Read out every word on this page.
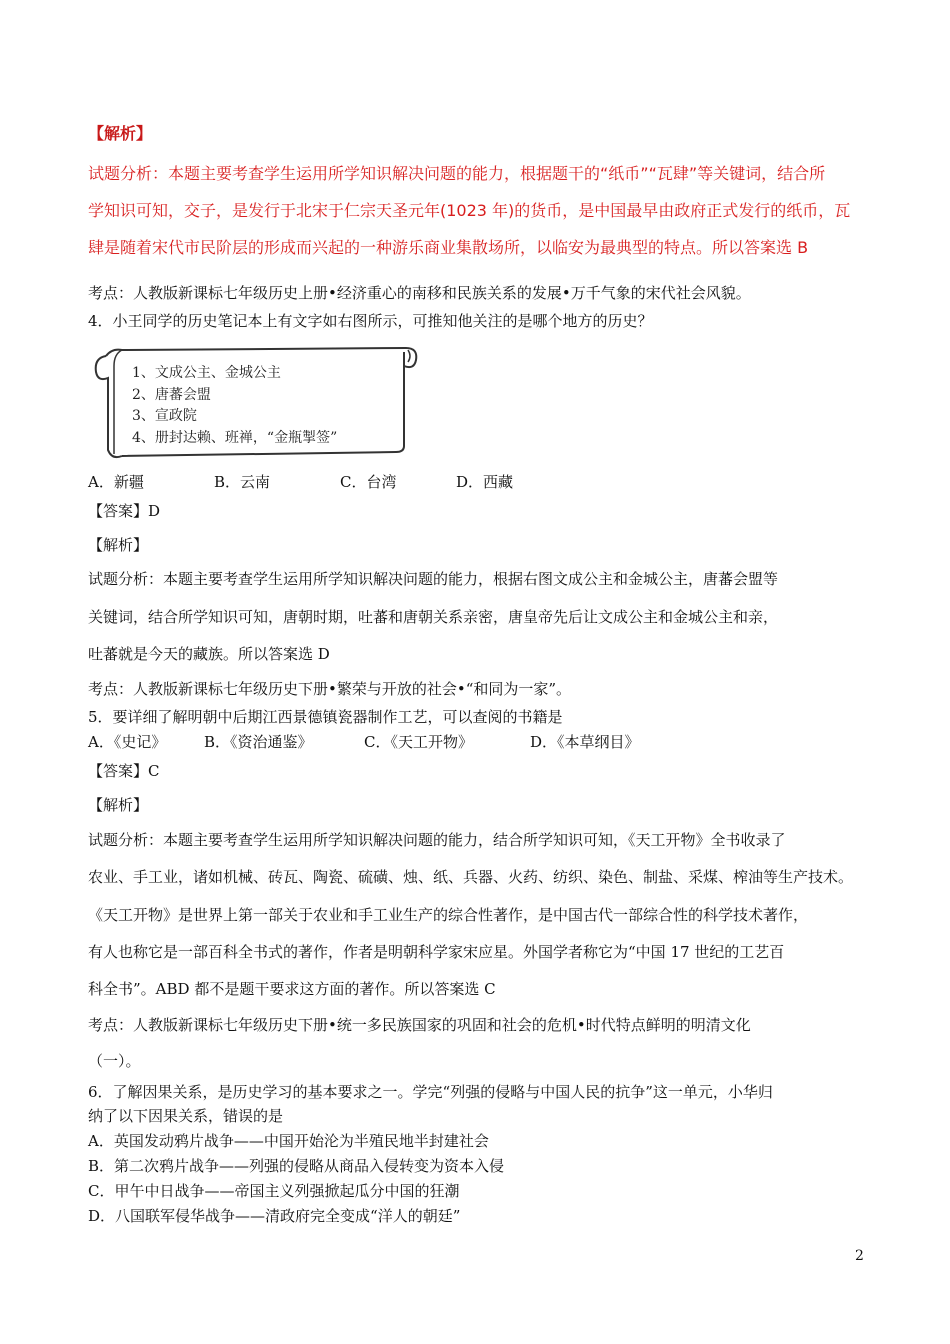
【解析】
试题分析：本题主要考查学生运用所学知识解决问题的能力，根据题干的“纸币”“瓦肆”等关键词，结合所
学知识可知，交子，是发行于北宋于仁宗天圣元年(1023 年)的货币，是中国最早由政府正式发行的纸币，瓦
肆是随着宋代市民阶层的形成而兴起的一种游乐商业集散场所，以临安为最典型的特点。所以答案选 B
考点：人教版新课标七年级历史上册•经济重心的南移和民族关系的发展•万千气象的宋代社会风貌。
4．小王同学的历史笔记本上有文字如右图所示，可推知他关注的是哪个地方的历史？
1、文成公主、金城公主
2、唐蕃会盟
3、宣政院
4、册封达赖、班禅，“金瓶掣签”
A．新疆	B．云南	C．台湾	D．西藏
【答案】D
【解析】
试题分析：本题主要考查学生运用所学知识解决问题的能力，根据右图文成公主和金城公主，唐蕃会盟等
关键词，结合所学知识可知，唐朝时期，吐蕃和唐朝关系亲密，唐皇帝先后让文成公主和金城公主和亲，
吐蕃就是今天的藏族。所以答案选 D
考点：人教版新课标七年级历史下册•繁荣与开放的社会•“和同为一家”。
5．要详细了解明朝中后期江西景德镇瓷器制作工艺，可以查阅的书籍是
A．《史记》	B．《资治通鉴》	C．《天工开物》	D．《本草纲目》
【答案】C
【解析】
试题分析：本题主要考查学生运用所学知识解决问题的能力，结合所学知识可知，《天工开物》全书收录了
农业、手工业，诸如机械、砖瓦、陶瓷、硫磺、烛、纸、兵器、火药、纺织、染色、制盐、采煤、榨油等生产技术。
《天工开物》是世界上第一部关于农业和手工业生产的综合性著作，是中国古代一部综合性的科学技术著作，
有人也称它是一部百科全书式的著作，作者是明朝科学家宋应星。外国学者称它为“中国 17 世纪的工艺百
科全书”。ABD 都不是题干要求这方面的著作。所以答案选 C
考点：人教版新课标七年级历史下册•统一多民族国家的巩固和社会的危机•时代特点鲜明的明清文化
（一）。
6．了解因果关系，是历史学习的基本要求之一。学完“列强的侵略与中国人民的抗争”这一单元，小华归
纳了以下因果关系，错误的是
A．英国发动鸦片战争——中国开始沦为半殖民地半封建社会
B．第二次鸦片战争——列强的侵略从商品入侵转变为资本入侵
C．甲午中日战争——帝国主义列强掀起瓜分中国的狂潮
D．八国联军侵华战争——清政府完全变成“洋人的朝廷”
2
